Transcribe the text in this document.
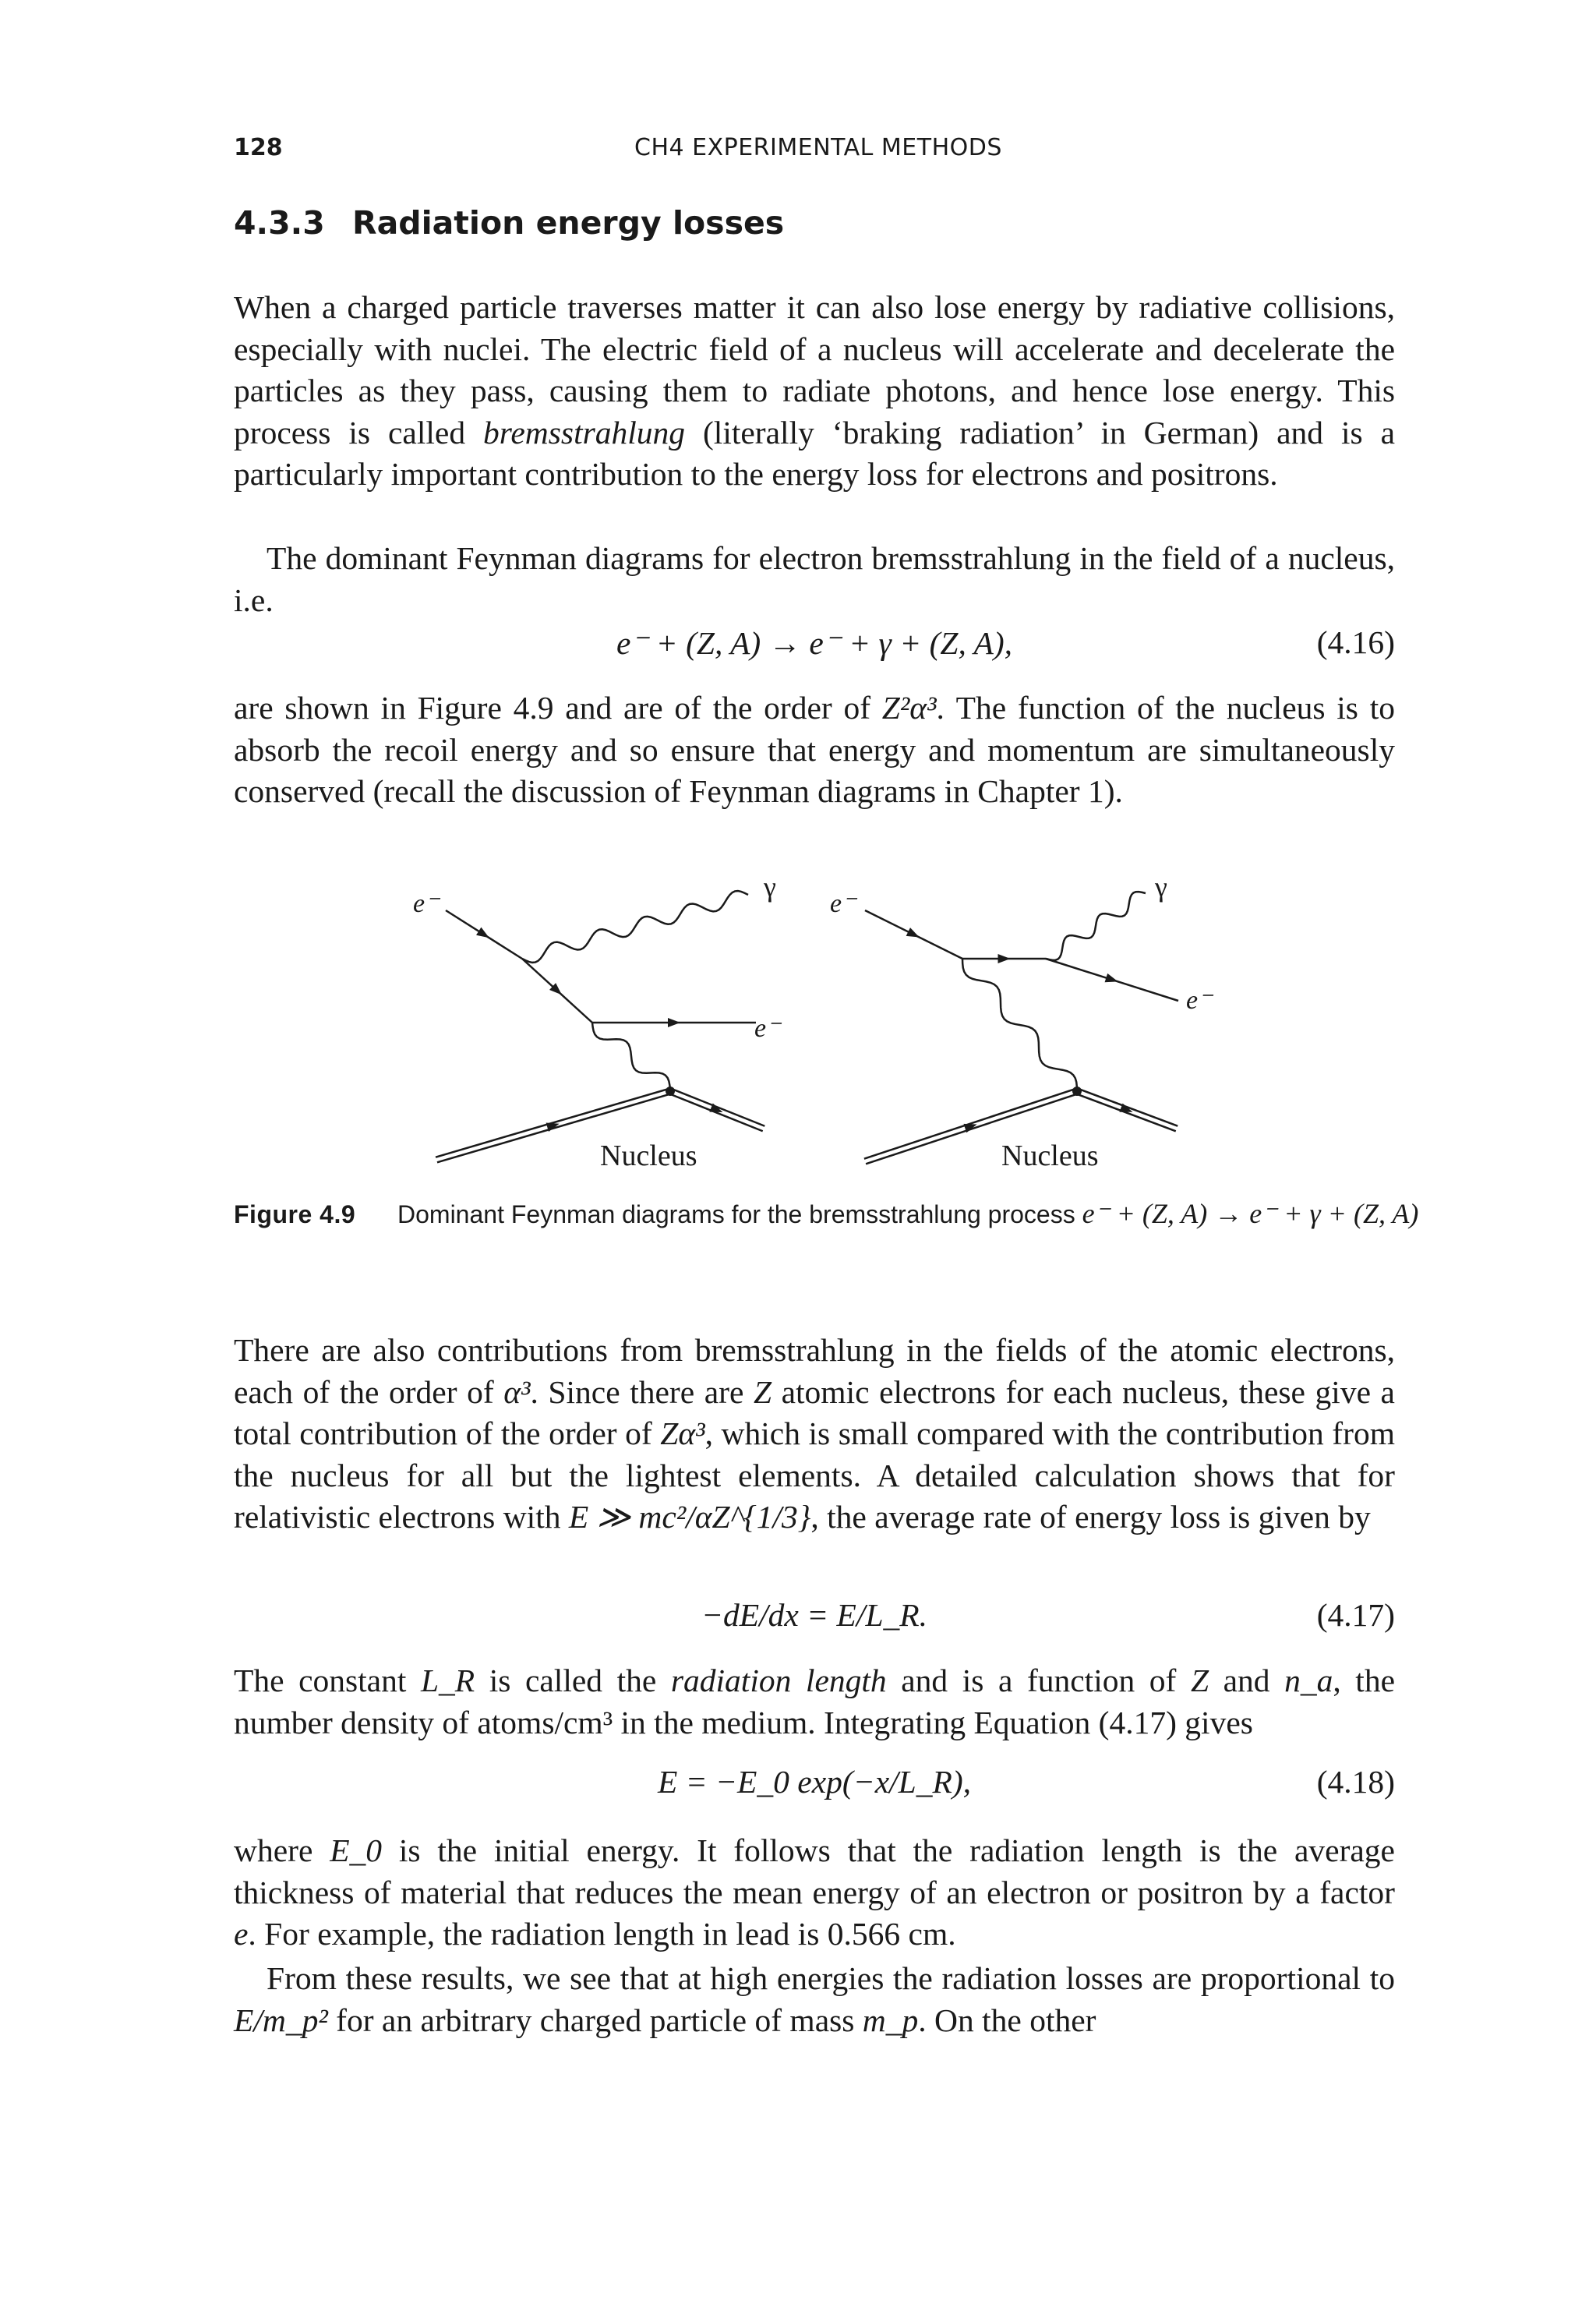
128	CH4 EXPERIMENTAL METHODS
4.3.3 Radiation energy losses

When a charged particle traverses matter it can also lose energy by radiative collisions, especially with nuclei. The electric field of a nucleus will accelerate and decelerate the particles as they pass, causing them to radiate photons, and hence lose energy. This process is called bremsstrahlung (literally ‘braking radiation’ in German) and is a particularly important contribution to the energy loss for electrons and positrons.

The dominant Feynman diagrams for electron bremsstrahlung in the field of a nucleus, i.e.

e⁻ + (Z, A) → e⁻ + γ + (Z, A),	(4.16)

are shown in Figure 4.9 and are of the order of Z²α³. The function of the nucleus is to absorb the recoil energy and so ensure that energy and momentum are simultaneously conserved (recall the discussion of Feynman diagrams in Chapter 1).

e⁻
γ
e⁻
Nucleus
e⁻
γ
e⁻
Nucleus
Figure 4.9 Dominant Feynman diagrams for the bremsstrahlung process e⁻ + (Z, A) → e⁻ + γ + (Z, A)

There are also contributions from bremsstrahlung in the fields of the atomic electrons, each of the order of α³. Since there are Z atomic electrons for each nucleus, these give a total contribution of the order of Zα³, which is small compared with the contribution from the nucleus for all but the lightest elements. A detailed calculation shows that for relativistic electrons with E ≫ mc²/αZ^{1/3}, the average rate of energy loss is given by

−dE/dx = E/L_R.	(4.17)

The constant L_R is called the radiation length and is a function of Z and n_a, the number density of atoms/cm³ in the medium. Integrating Equation (4.17) gives

E = −E_0 exp(−x/L_R),	(4.18)

where E_0 is the initial energy. It follows that the radiation length is the average thickness of material that reduces the mean energy of an electron or positron by a factor e. For example, the radiation length in lead is 0.566 cm.

From these results, we see that at high energies the radiation losses are proportional to E/m_p² for an arbitrary charged particle of mass m_p. On the other
